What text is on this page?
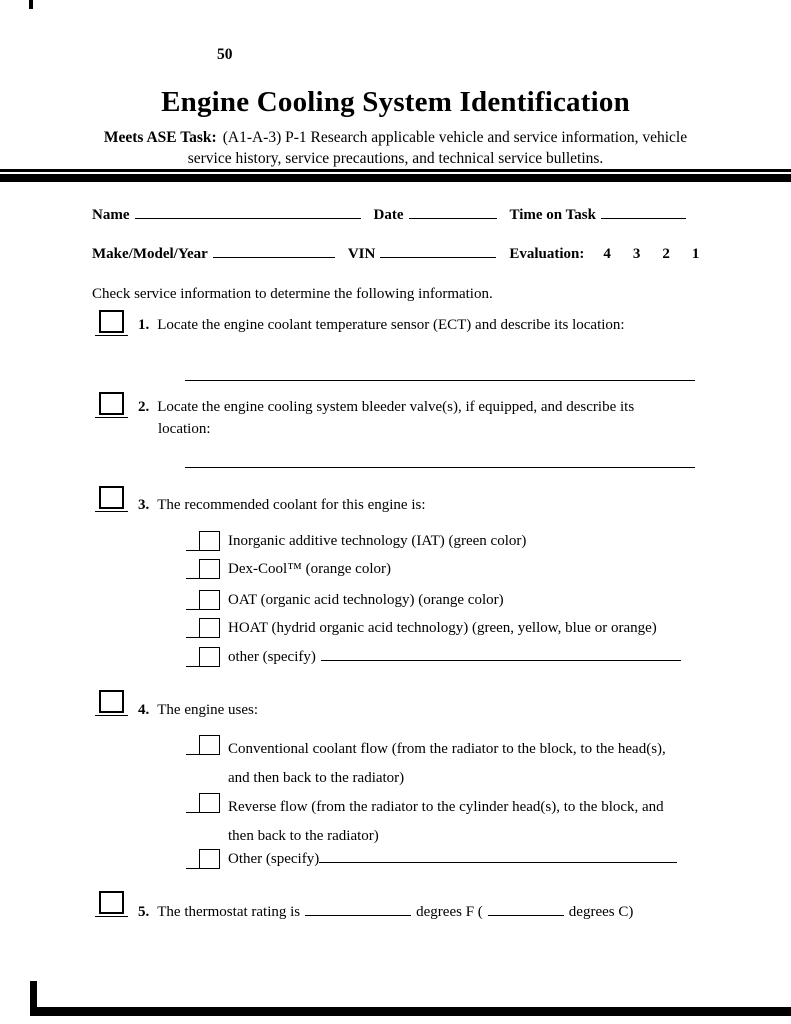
50
Engine Cooling System Identification
Meets ASE Task: (A1-A-3) P-1 Research applicable vehicle and service information, vehicle
service history, service precautions, and technical service bulletins.
Name	Date	Time on Task
Make/Model/Year	VIN	Evaluation: 4 3 2 1
Check service information to determine the following information.
1. Locate the engine coolant temperature sensor (ECT) and describe its location:
2. Locate the engine cooling system bleeder valve(s), if equipped, and describe its
location:
3. The recommended coolant for this engine is:
Inorganic additive technology (IAT) (green color)
Dex-Cool™ (orange color)
OAT (organic acid technology) (orange color)
HOAT (hydrid organic acid technology) (green, yellow, blue or orange)
other (specify)
4. The engine uses:
Conventional coolant flow (from the radiator to the block, to the head(s),
and then back to the radiator)
Reverse flow (from the radiator to the cylinder head(s), to the block, and
then back to the radiator)
Other (specify)
5. The thermostat rating is	degrees F (	degrees C)
